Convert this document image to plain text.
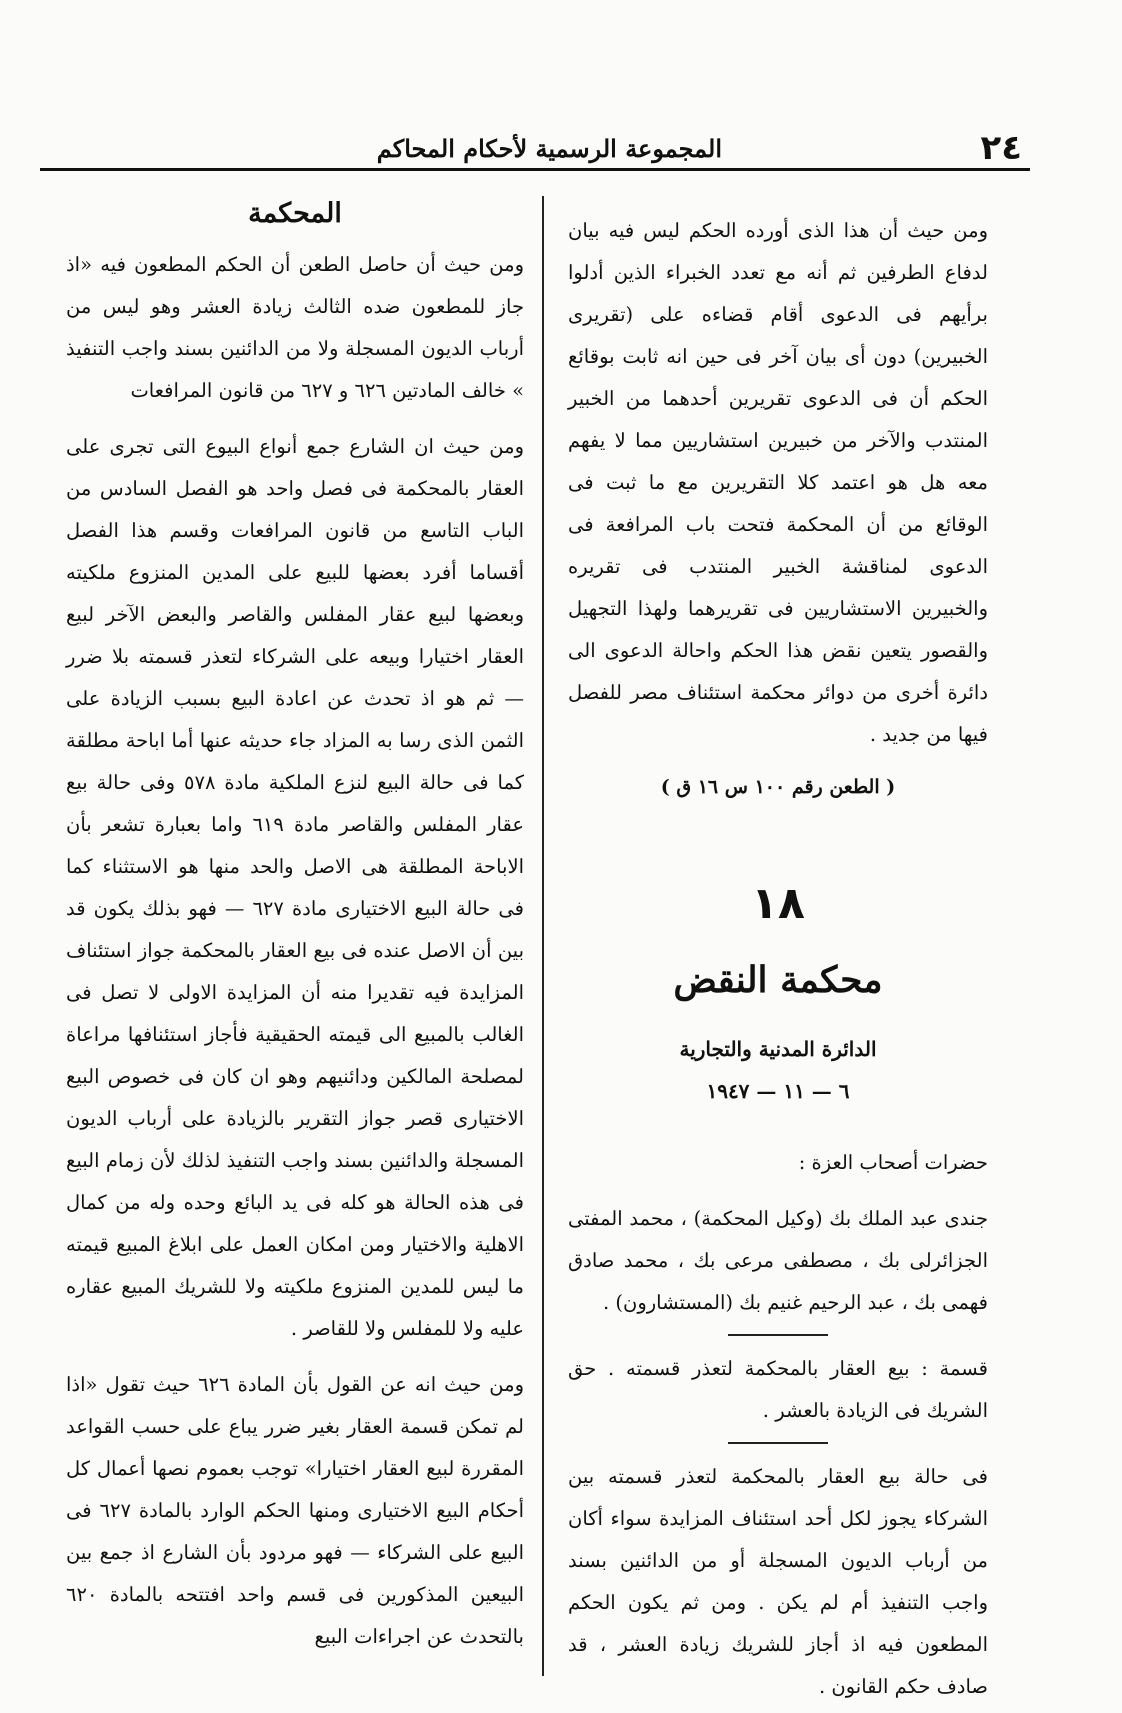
٢٤
المجموعة الرسمية لأحكام المحاكم

ومن حيث أن هذا الذى أورده الحكم ليس فيه بيان لدفاع الطرفين ثم أنه مع تعدد الخبراء الذين أدلوا برأيهم فى الدعوى أقام قضاءه على (تقريرى الخبيرين) دون أى بيان آخر فى حين انه ثابت بوقائع الحكم أن فى الدعوى تقريرين أحدهما من الخبير المنتدب والآخر من خبيرين استشاريين مما لا يفهم معه هل هو اعتمد كلا التقريرين مع ما ثبت فى الوقائع من أن المحكمة فتحت باب المرافعة فى الدعوى لمناقشة الخبير المنتدب فى تقريره والخبيرين الاستشاريين فى تقريرهما ولهذا التجهيل والقصور يتعين نقض هذا الحكم واحالة الدعوى الى دائرة أخرى من دوائر محكمة استئناف مصر للفصل فيها من جديد .

( الطعن رقم ١٠٠ س ١٦ ق )

١٨
محكمة النقض
الدائرة المدنية والتجارية
٦ — ١١ — ١٩٤٧

حضرات أصحاب العزة :

جندى عبد الملك بك (وكيل المحكمة) ، محمد المفتى الجزائرلى بك ، مصطفى مرعى بك ، محمد صادق فهمى بك ، عبد الرحيم غنيم بك (المستشارون) .

قسمة : بيع العقار بالمحكمة لتعذر قسمته . حق الشريك فى الزيادة بالعشر .

فى حالة بيع العقار بالمحكمة لتعذر قسمته بين الشركاء يجوز لكل أحد استئناف المزايدة سواء أكان من أرباب الديون المسجلة أو من الدائنين بسند واجب التنفيذ أم لم يكن . ومن ثم يكون الحكم المطعون فيه اذ أجاز للشريك زيادة العشر ، قد صادف حكم القانون .

المحكمة

ومن حيث أن حاصل الطعن أن الحكم المطعون فيه «اذ جاز للمطعون ضده الثالث زيادة العشر وهو ليس من أرباب الديون المسجلة ولا من الدائنين بسند واجب التنفيذ » خالف المادتين ٦٢٦ و ٦٢٧ من قانون المرافعات

ومن حيث ان الشارع جمع أنواع البيوع التى تجرى على العقار بالمحكمة فى فصل واحد هو الفصل السادس من الباب التاسع من قانون المرافعات وقسم هذا الفصل أقساما أفرد بعضها للبيع على المدين المنزوع ملكيته وبعضها لبيع عقار المفلس والقاصر والبعض الآخر لبيع العقار اختيارا وبيعه على الشركاء لتعذر قسمته بلا ضرر — ثم هو اذ تحدث عن اعادة البيع بسبب الزيادة على الثمن الذى رسا به المزاد جاء حديثه عنها أما اباحة مطلقة كما فى حالة البيع لنزع الملكية مادة ٥٧٨ وفى حالة بيع عقار المفلس والقاصر مادة ٦١٩ واما بعبارة تشعر بأن الاباحة المطلقة هى الاصل والحد منها هو الاستثناء كما فى حالة البيع الاختيارى مادة ٦٢٧ — فهو بذلك يكون قد بين أن الاصل عنده فى بيع العقار بالمحكمة جواز استئناف المزايدة فيه تقديرا منه أن المزايدة الاولى لا تصل فى الغالب بالمبيع الى قيمته الحقيقية فأجاز استئنافها مراعاة لمصلحة المالكين ودائنيهم وهو ان كان فى خصوص البيع الاختيارى قصر جواز التقرير بالزيادة على أرباب الديون المسجلة والدائنين بسند واجب التنفيذ لذلك لأن زمام البيع فى هذه الحالة هو كله فى يد البائع وحده وله من كمال الاهلية والاختيار ومن امكان العمل على ابلاغ المبيع قيمته ما ليس للمدين المنزوع ملكيته ولا للشريك المبيع عقاره عليه ولا للمفلس ولا للقاصر .

ومن حيث انه عن القول بأن المادة ٦٢٦ حيث تقول «اذا لم تمكن قسمة العقار بغير ضرر يباع على حسب القواعد المقررة لبيع العقار اختيارا» توجب بعموم نصها أعمال كل أحكام البيع الاختيارى ومنها الحكم الوارد بالمادة ٦٢٧ فى البيع على الشركاء — فهو مردود بأن الشارع اذ جمع بين البيعين المذكورين فى قسم واحد افتتحه بالمادة ٦٢٠ بالتحدث عن اجراءات البيع
